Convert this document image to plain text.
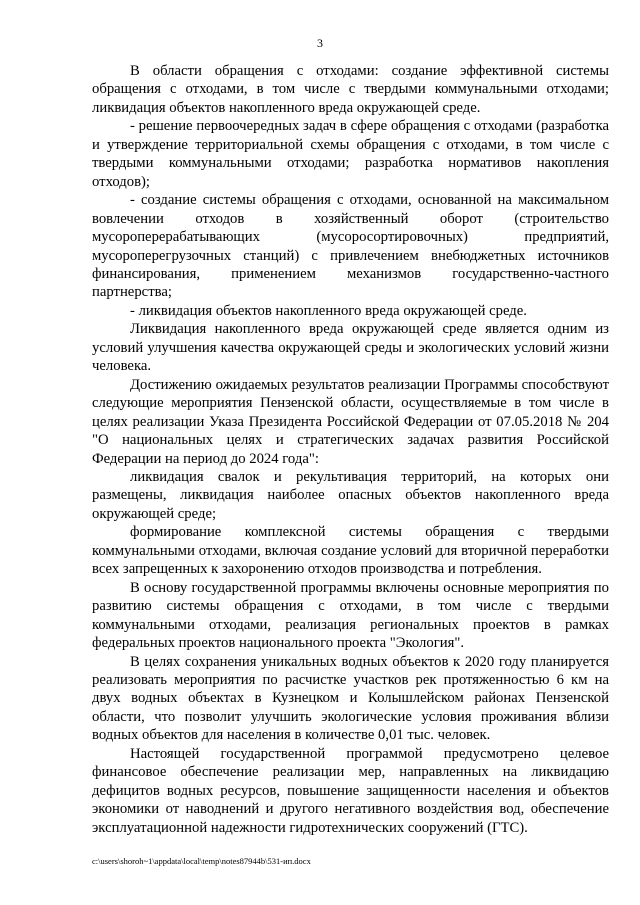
3

В области обращения с отходами: создание эффективной системы обращения с отходами, в том числе с твердыми коммунальными отходами; ликвидация объектов накопленного вреда окружающей среде.

- решение первоочередных задач в сфере обращения с отходами (разработка и утверждение территориальной схемы обращения с отходами, в том числе с твердыми коммунальными отходами; разработка нормативов накопления отходов);

- создание системы обращения с отходами, основанной на максимальном вовлечении отходов в хозяйственный оборот (строительство мусороперерабатывающих (мусоросортировочных) предприятий, мусороперегрузочных станций) с привлечением внебюджетных источников финансирования, применением механизмов государственно-частного партнерства;

- ликвидация объектов накопленного вреда окружающей среде.

Ликвидация накопленного вреда окружающей среде является одним из условий улучшения качества окружающей среды и экологических условий жизни человека.

Достижению ожидаемых результатов реализации Программы способствуют следующие мероприятия Пензенской области, осуществляемые в том числе в целях реализации Указа Президента Российской Федерации от 07.05.2018 № 204 "О национальных целях и стратегических задачах развития Российской Федерации на период до 2024 года":

ликвидация свалок и рекультивация территорий, на которых они размещены, ликвидация наиболее опасных объектов накопленного вреда окружающей среде;

формирование комплексной системы обращения с твердыми коммунальными отходами, включая создание условий для вторичной переработки всех запрещенных к захоронению отходов производства и потребления.

В основу государственной программы включены основные мероприятия по развитию системы обращения с отходами, в том числе с твердыми коммунальными отходами, реализация региональных проектов в рамках федеральных проектов национального проекта "Экология".

В целях сохранения уникальных водных объектов к 2020 году планируется реализовать мероприятия по расчистке участков рек протяженностью 6 км на двух водных объектах в Кузнецком и Колышлейском районах Пензенской области, что позволит улучшить экологические условия проживания вблизи водных объектов для населения в количестве 0,01 тыс. человек.

Настоящей государственной программой предусмотрено целевое финансовое обеспечение реализации мер, направленных на ликвидацию дефицитов водных ресурсов, повышение защищенности населения и объектов экономики от наводнений и другого негативного воздействия вод, обеспечение эксплуатационной надежности гидротехнических сооружений (ГТС).

c:\users\shoroh~1\appdata\local\temp\notes87944b\531-ип.docx
